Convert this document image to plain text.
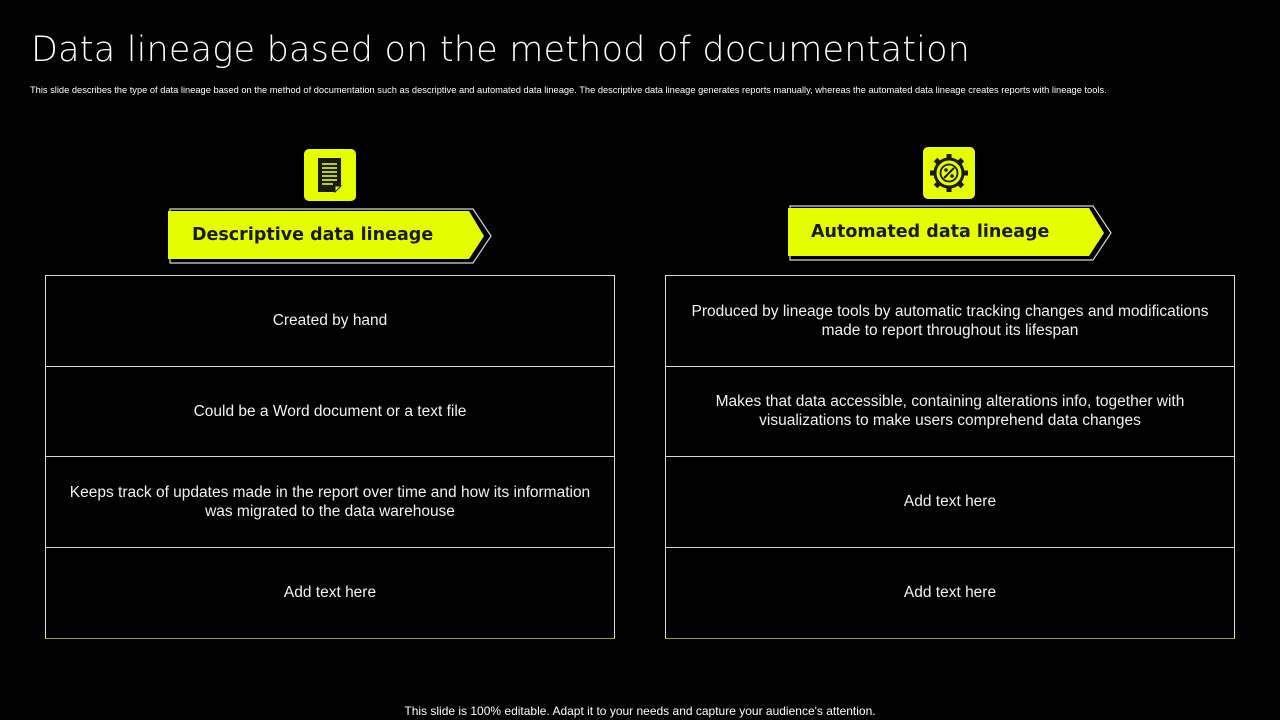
Data lineage based on the method of documentation
This slide describes the type of data lineage based on the method of documentation such as descriptive and automated data lineage. The descriptive data lineage generates reports manually, whereas the automated data lineage creates reports with lineage tools.
Descriptive data lineage
Created by hand
Could be a Word document or a text file
Keeps track of updates made in the report over time and how its information was migrated to the data warehouse
Add text here
Automated data lineage
Produced by lineage tools by automatic tracking changes and modifications made to report throughout its lifespan
Makes that data accessible, containing alterations info, together with visualizations to make users comprehend data changes
Add text here
Add text here
This slide is 100% editable. Adapt it to your needs and capture your audience's attention.
